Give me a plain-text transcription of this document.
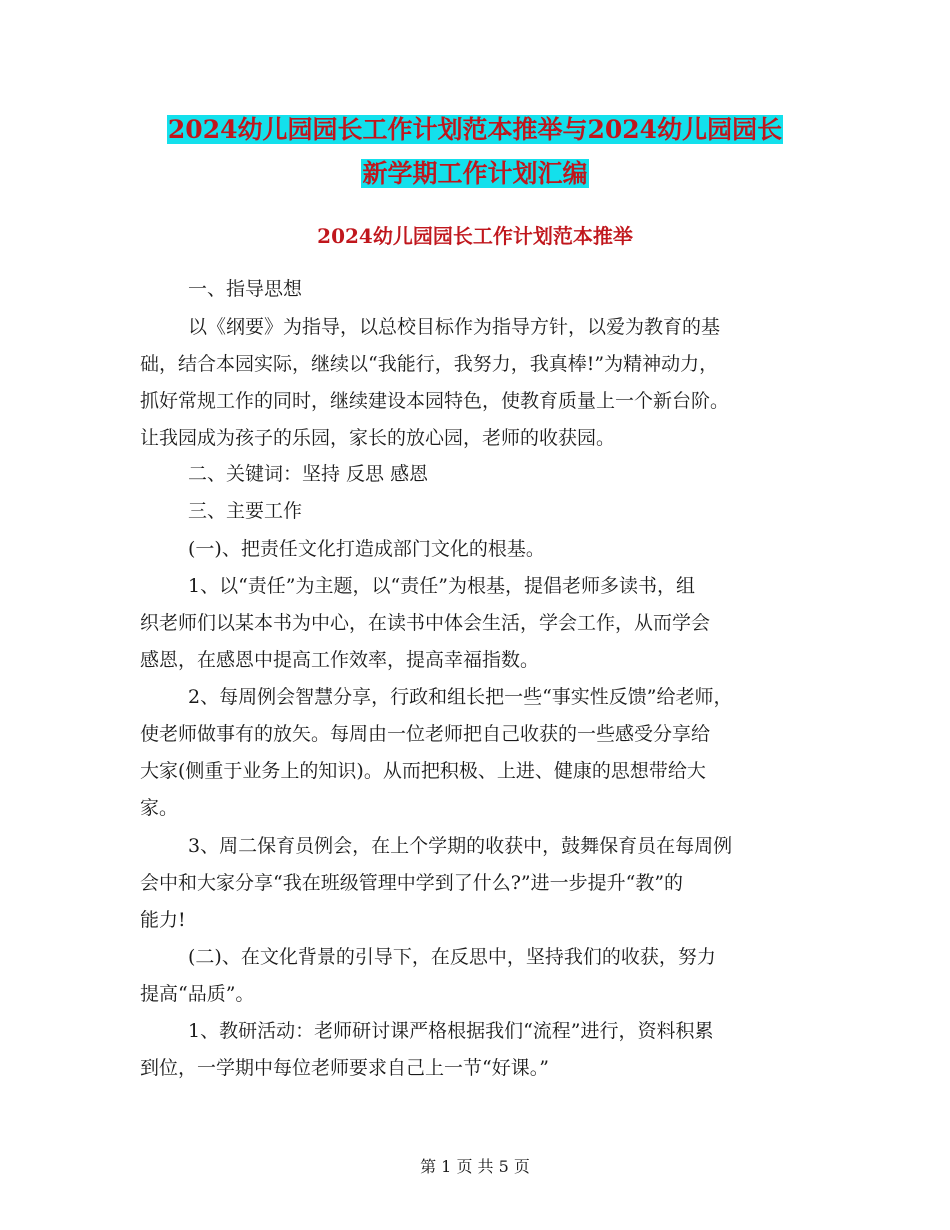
2024幼儿园园长工作计划范本推举与2024幼儿园园长
新学期工作计划汇编
2024幼儿园园长工作计划范本推举
一、指导思想
以《纲要》为指导，以总校目标作为指导方针，以爱为教育的基
础，结合本园实际，继续以“我能行，我努力，我真棒!”为精神动力，
抓好常规工作的同时，继续建设本园特色，使教育质量上一个新台阶。
让我园成为孩子的乐园，家长的放心园，老师的收获园。
二、关键词：坚持 反思 感恩
三、主要工作
(一)、把责任文化打造成部门文化的根基。
1、以“责任”为主题，以“责任”为根基，提倡老师多读书，组
织老师们以某本书为中心，在读书中体会生活，学会工作，从而学会
感恩，在感恩中提高工作效率，提高幸福指数。
2、每周例会智慧分享，行政和组长把一些“事实性反馈”给老师，
使老师做事有的放矢。每周由一位老师把自己收获的一些感受分享给
大家(侧重于业务上的知识)。从而把积极、上进、健康的思想带给大
家。
3、周二保育员例会，在上个学期的收获中，鼓舞保育员在每周例
会中和大家分享“我在班级管理中学到了什么?”进一步提升“教”的
能力!
(二)、在文化背景的引导下，在反思中，坚持我们的收获，努力
提高“品质”。
1、教研活动：老师研讨课严格根据我们“流程”进行，资料积累
到位，一学期中每位老师要求自己上一节“好课。”
第 1 页 共 5 页
